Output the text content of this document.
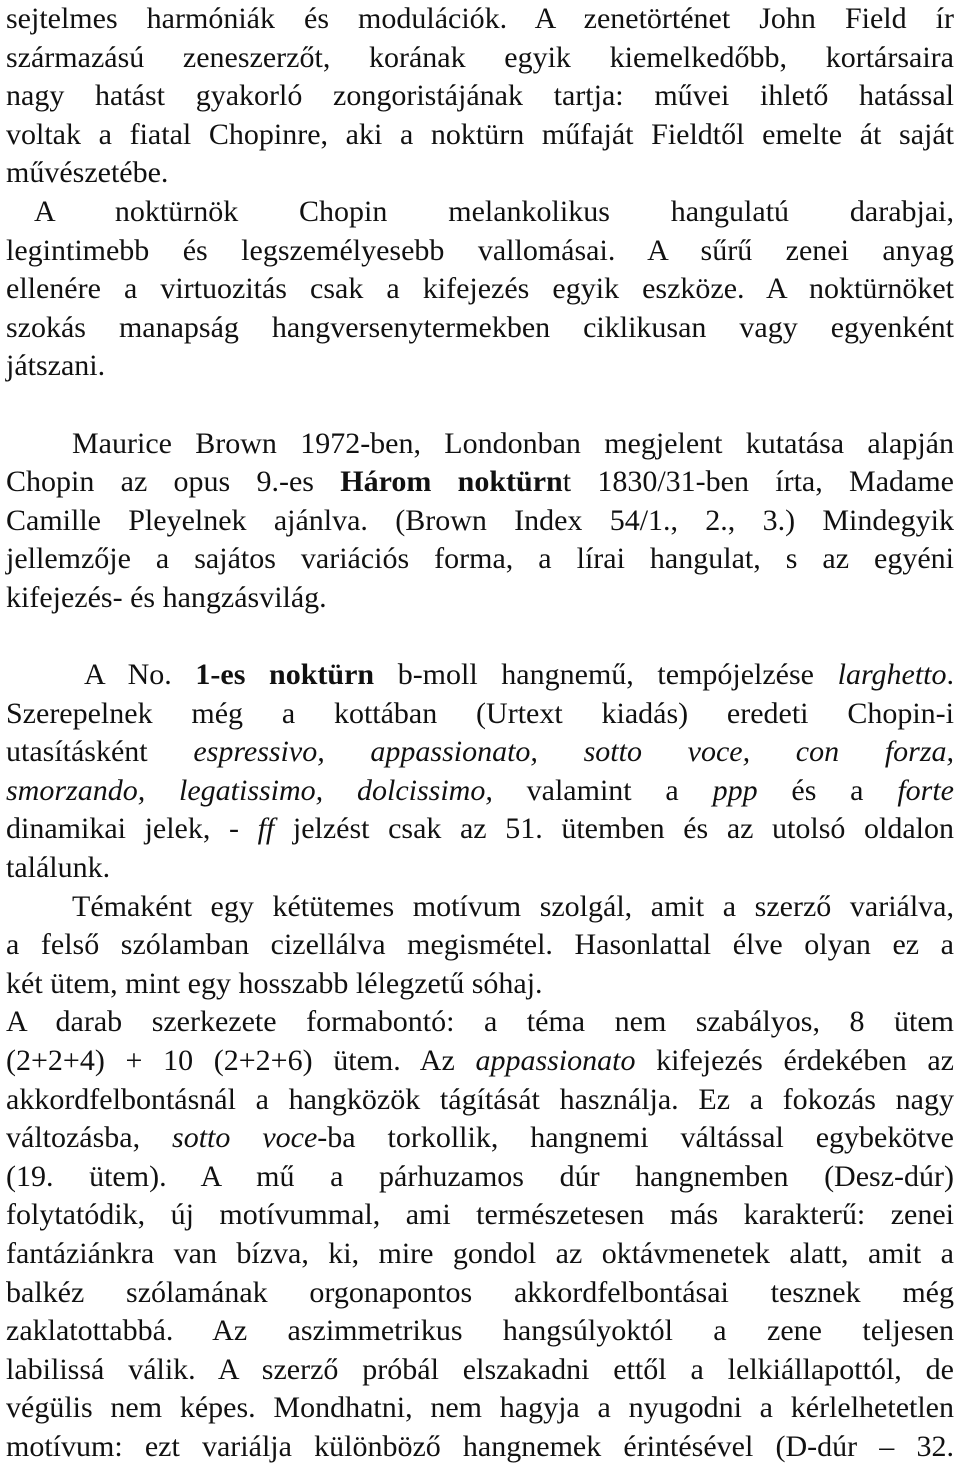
sejtelmes harmóniák és modulációk. A zenetörténet John Field ír
származású zeneszerzőt, korának egyik kiemelkedőbb, kortársaira
nagy hatást gyakorló zongoristájának tartja: művei ihlető hatással
voltak a fiatal Chopinre, aki a noktürn műfaját Fieldtől emelte át saját
művészetébe.
A noktürnök Chopin melankolikus hangulatú darabjai,
legintimebb és legszemélyesebb vallomásai. A sűrű zenei anyag
ellenére a virtuozitás csak a kifejezés egyik eszköze. A noktürnöket
szokás manapság hangversenytermekben ciklikusan vagy egyenként
játszani.
Maurice Brown 1972-ben, Londonban megjelent kutatása alapján
Chopin az opus 9.-es Három noktürnt 1830/31-ben írta, Madame
Camille Pleyelnek ajánlva. (Brown Index 54/1., 2., 3.) Mindegyik
jellemzője a sajátos variációs forma, a lírai hangulat, s az egyéni
kifejezés- és hangzásvilág.
A No. 1-es noktürn b-moll hangnemű, tempójelzése larghetto.
Szerepelnek még a kottában (Urtext kiadás) eredeti Chopin-i
utasításként espressivo, appassionato, sotto voce, con forza,
smorzando, legatissimo, dolcissimo, valamint a ppp és a forte
dinamikai jelek, - ff jelzést csak az 51. ütemben és az utolsó oldalon
találunk.
Témaként egy kétütemes motívum szolgál, amit a szerző variálva,
a felső szólamban cizellálva megismétel. Hasonlattal élve olyan ez a
két ütem, mint egy hosszabb lélegzetű sóhaj.
A darab szerkezete formabontó: a téma nem szabályos, 8 ütem
(2+2+4) + 10 (2+2+6) ütem. Az appassionato kifejezés érdekében az
akkordfelbontásnál a hangközök tágítását használja. Ez a fokozás nagy
változásba, sotto voce-ba torkollik, hangnemi váltással egybekötve
(19. ütem). A mű a párhuzamos dúr hangnemben (Desz-dúr)
folytatódik, új motívummal, ami természetesen más karakterű: zenei
fantáziánkra van bízva, ki, mire gondol az oktávmenetek alatt, amit a
balkéz szólamának orgonapontos akkordfelbontásai tesznek még
zaklatottabbá. Az aszimmetrikus hangsúlyoktól a zene teljesen
labilissá válik. A szerző próbál elszakadni ettől a lelkiállapottól, de
végülis nem képes. Mondhatni, nem hagyja a nyugodni a kérlelhetetlen
motívum: ezt variálja különböző hangnemek érintésével (D-dúr – 32.
